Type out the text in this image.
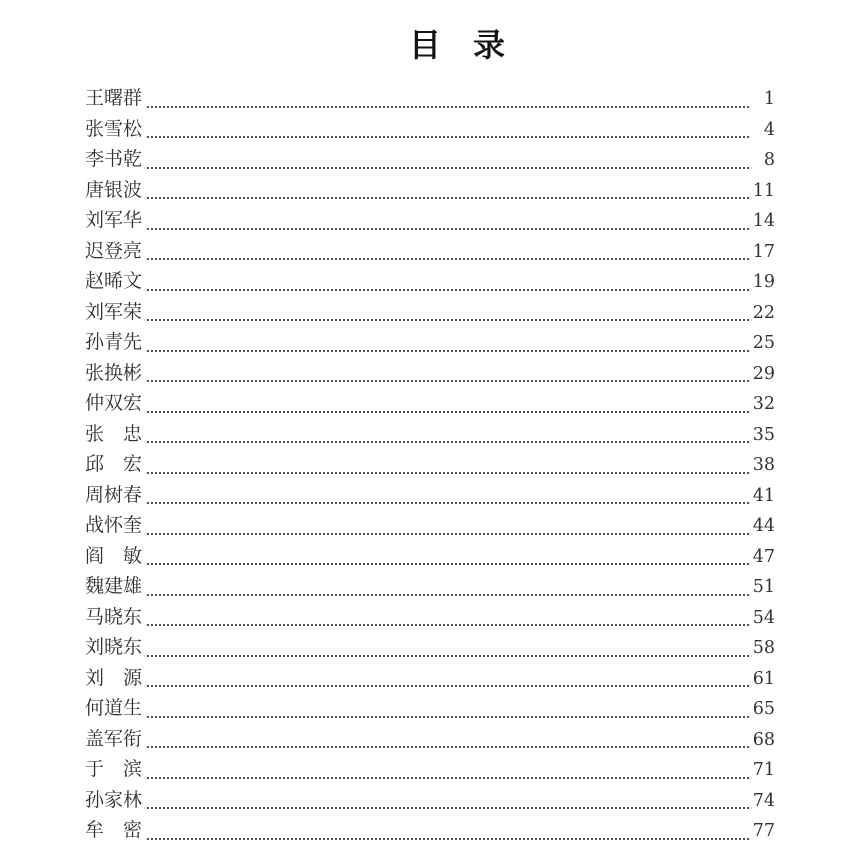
目　录
王曙群	1
张雪松	4
李书乾	8
唐银波	11
刘军华	14
迟登亮	17
赵晞文	19
刘军荣	22
孙青先	25
张换彬	29
仲双宏	32
张　忠	35
邱　宏	38
周树春	41
战怀奎	44
阎　敏	47
魏建雄	51
马晓东	54
刘晓东	58
刘　源	61
何道生	65
盖军衔	68
于　滨	71
孙家林	74
牟　密	77
